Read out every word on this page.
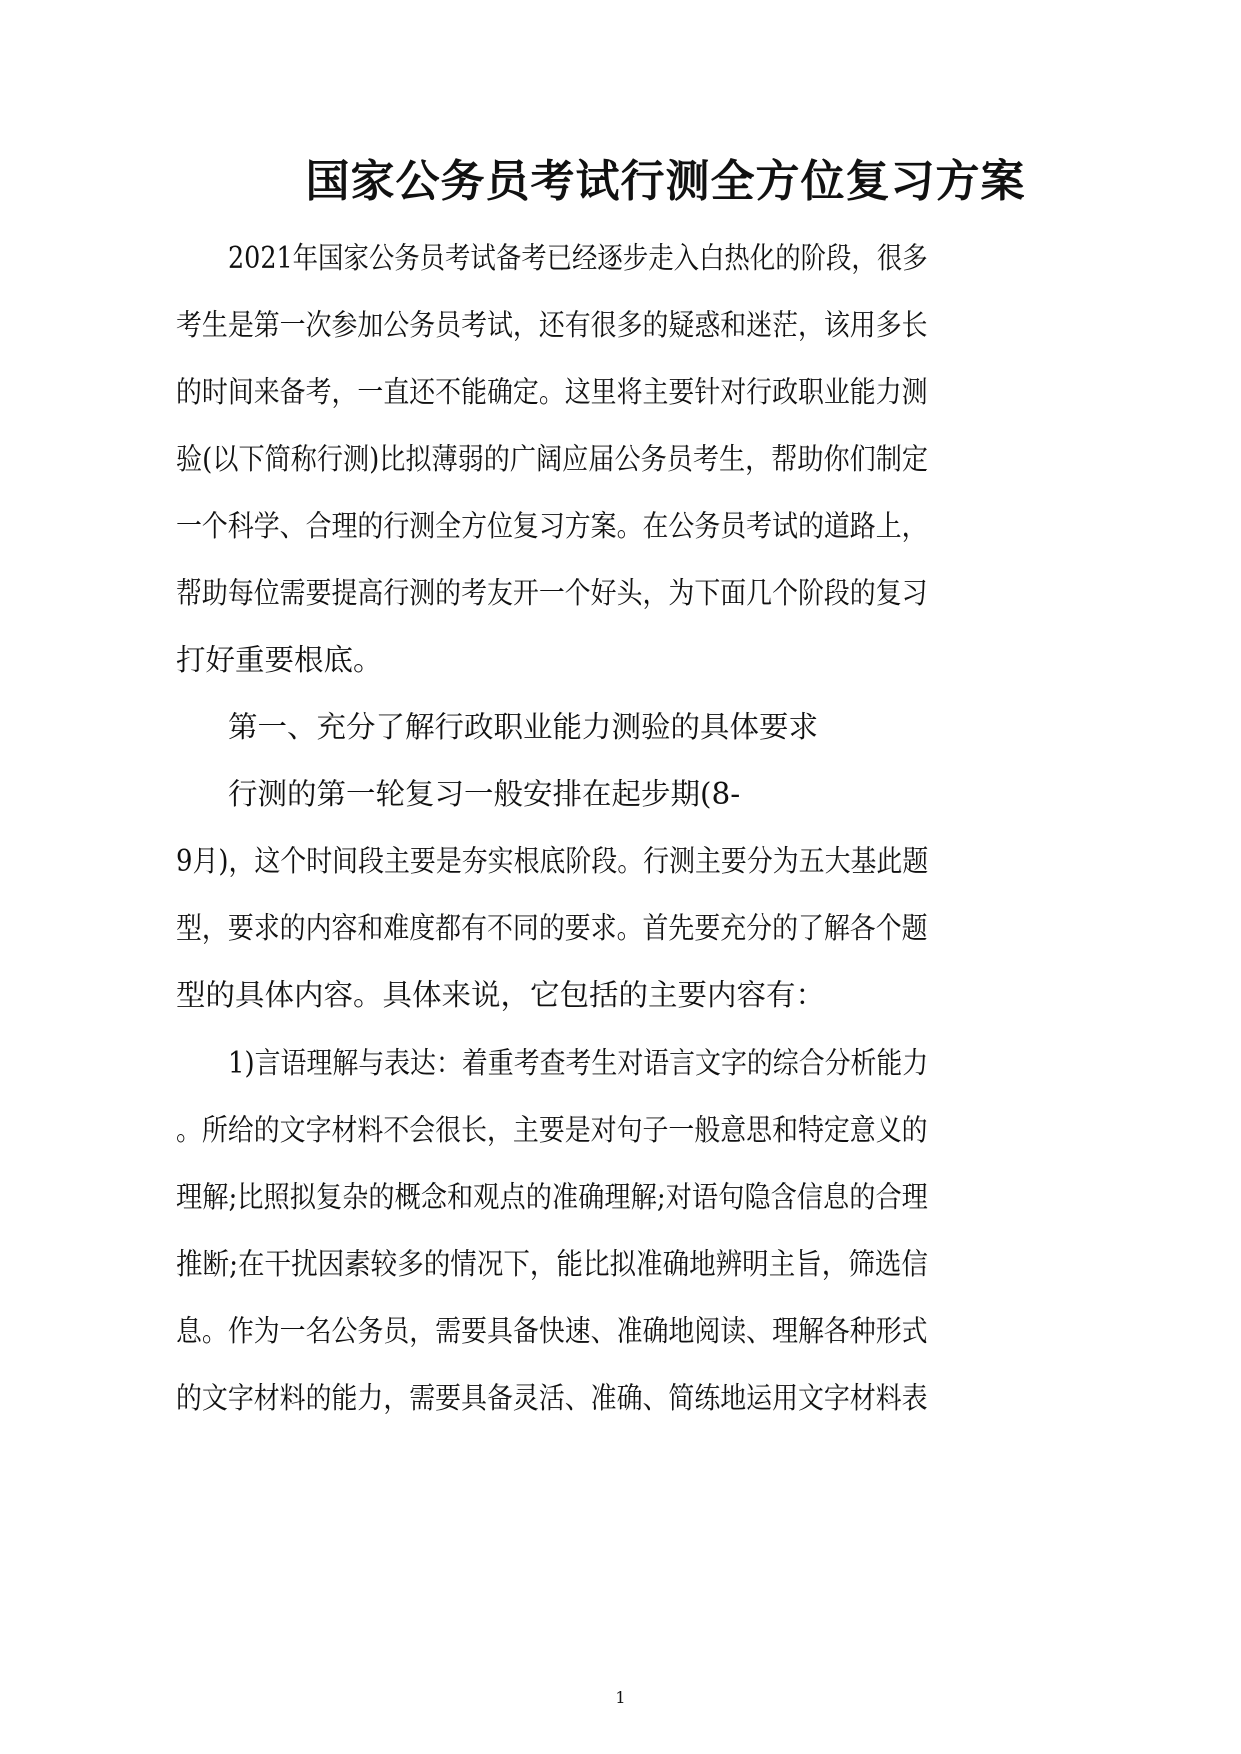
国家公务员考试行测全方位复习方案
2021年国家公务员考试备考已经逐步走入白热化的阶段，很多
考生是第一次参加公务员考试，还有很多的疑惑和迷茫，该用多长
的时间来备考，一直还不能确定。这里将主要针对行政职业能力测
验(以下简称行测)比拟薄弱的广阔应届公务员考生，帮助你们制定
一个科学、合理的行测全方位复习方案。在公务员考试的道路上，
帮助每位需要提高行测的考友开一个好头，为下面几个阶段的复习
打好重要根底。
第一、充分了解行政职业能力测验的具体要求
行测的第一轮复习一般安排在起步期(8-
9月)，这个时间段主要是夯实根底阶段。行测主要分为五大基此题
型，要求的内容和难度都有不同的要求。首先要充分的了解各个题
型的具体内容。具体来说，它包括的主要内容有：
1)言语理解与表达：着重考查考生对语言文字的综合分析能力
。所给的文字材料不会很长，主要是对句子一般意思和特定意义的
理解;比照拟复杂的概念和观点的准确理解;对语句隐含信息的合理
推断;在干扰因素较多的情况下，能比拟准确地辨明主旨，筛选信
息。作为一名公务员，需要具备快速、准确地阅读、理解各种形式
的文字材料的能力，需要具备灵活、准确、简练地运用文字材料表
1
